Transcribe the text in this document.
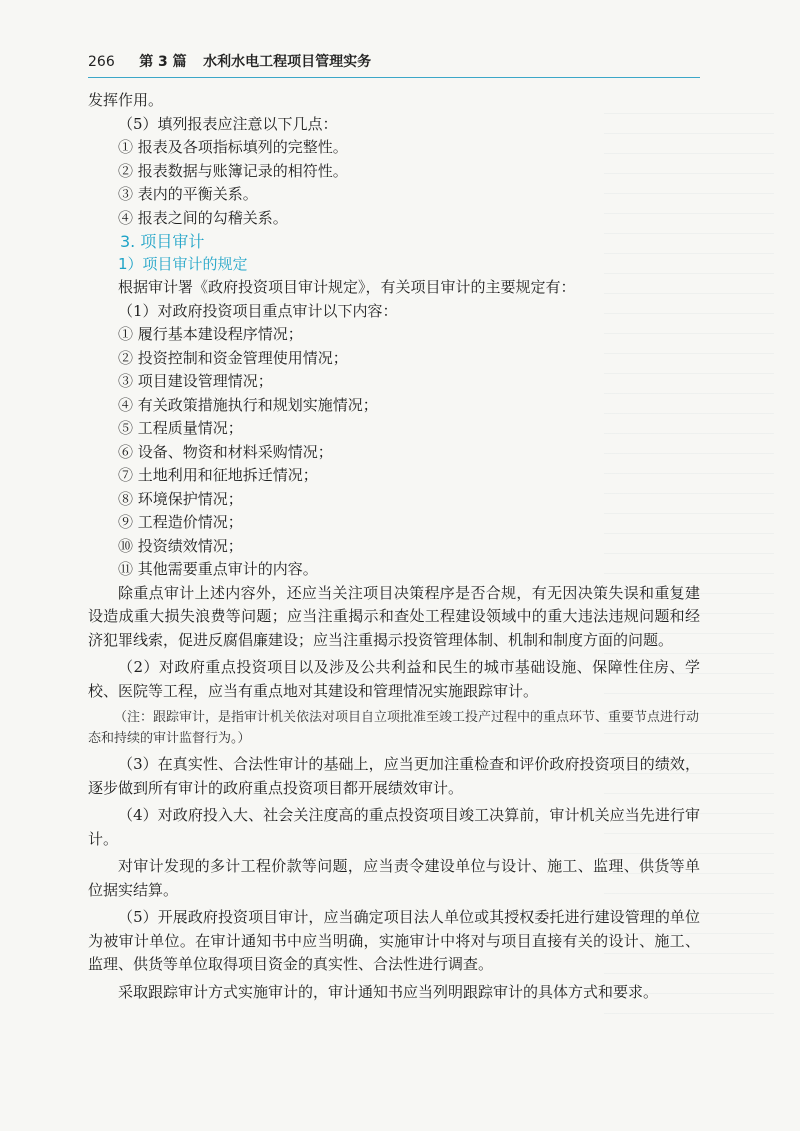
266 第 3 篇 水利水电工程项目管理实务

发挥作用。

（5）填列报表应注意以下几点：

① 报表及各项指标填列的完整性。

② 报表数据与账簿记录的相符性。

③ 表内的平衡关系。

④ 报表之间的勾稽关系。

3. 项目审计

1）项目审计的规定

根据审计署《政府投资项目审计规定》，有关项目审计的主要规定有：

（1）对政府投资项目重点审计以下内容：

① 履行基本建设程序情况；

② 投资控制和资金管理使用情况；

③ 项目建设管理情况；

④ 有关政策措施执行和规划实施情况；

⑤ 工程质量情况；

⑥ 设备、物资和材料采购情况；

⑦ 土地利用和征地拆迁情况；

⑧ 环境保护情况；

⑨ 工程造价情况；

⑩ 投资绩效情况；

⑪ 其他需要重点审计的内容。

除重点审计上述内容外，还应当关注项目决策程序是否合规，有无因决策失误和重复建设造成重大损失浪费等问题；应当注重揭示和查处工程建设领域中的重大违法违规问题和经济犯罪线索，促进反腐倡廉建设；应当注重揭示投资管理体制、机制和制度方面的问题。

（2）对政府重点投资项目以及涉及公共利益和民生的城市基础设施、保障性住房、学校、医院等工程，应当有重点地对其建设和管理情况实施跟踪审计。

（注：跟踪审计，是指审计机关依法对项目自立项批准至竣工投产过程中的重点环节、重要节点进行动态和持续的审计监督行为。）

（3）在真实性、合法性审计的基础上，应当更加注重检查和评价政府投资项目的绩效，逐步做到所有审计的政府重点投资项目都开展绩效审计。

（4）对政府投入大、社会关注度高的重点投资项目竣工决算前，审计机关应当先进行审计。

对审计发现的多计工程价款等问题，应当责令建设单位与设计、施工、监理、供货等单位据实结算。

（5）开展政府投资项目审计，应当确定项目法人单位或其授权委托进行建设管理的单位为被审计单位。在审计通知书中应当明确，实施审计中将对与项目直接有关的设计、施工、监理、供货等单位取得项目资金的真实性、合法性进行调查。

采取跟踪审计方式实施审计的，审计通知书应当列明跟踪审计的具体方式和要求。
